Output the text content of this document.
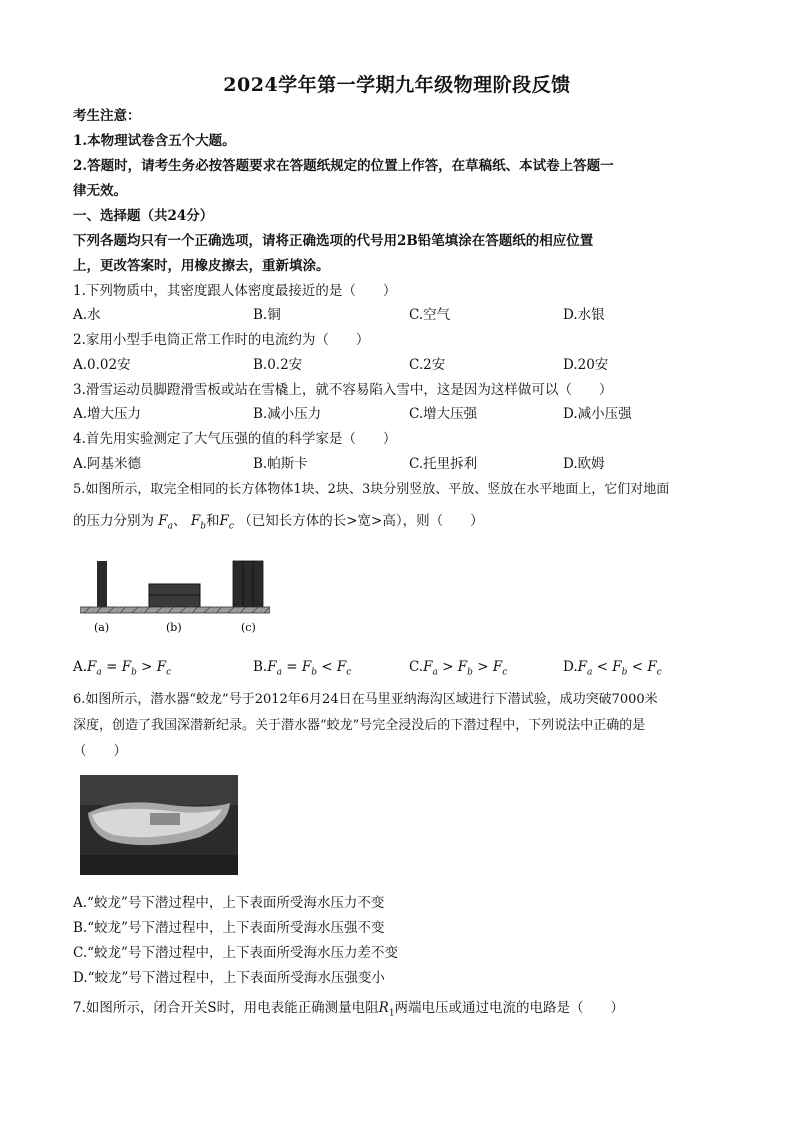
2024学年第一学期九年级物理阶段反馈
考生注意：
1.本物理试卷含五个大题。
2.答题时，请考生务必按答题要求在答题纸规定的位置上作答，在草稿纸、本试卷上答题一
律无效。
一、选择题（共24分）
下列各题均只有一个正确选项，请将正确选项的代号用2B铅笔填涂在答题纸的相应位置
上，更改答案时，用橡皮擦去，重新填涂。
1.下列物质中，其密度跟人体密度最接近的是（　　）
A.水	B.铜	C.空气	D.水银
2.家用小型手电筒正常工作时的电流约为（　　）
A.0.02安	B.0.2安	C.2安	D.20安
3.滑雪运动员脚蹬滑雪板或站在雪橇上，就不容易陷入雪中，这是因为这样做可以（　　）
A.增大压力	B.减小压力	C.增大压强	D.减小压强
4.首先用实验测定了大气压强的值的科学家是（　　）
A.阿基米德	B.帕斯卡	C.托里拆利	D.欧姆
5.如图所示，取完全相同的长方体物体1块、2块、3块分别竖放、平放、竖放在水平地面上，它们对地面
的压力分别为 $F_a$、 $F_b$和$F_c$ （已知长方体的长>宽>高），则（　　）
(a)	(b)	(c)
$A.F_a = F_b > F_c$	$B.F_a = F_b < F_c$	$C.F_a > F_b > F_c$	$D.F_a < F_b < F_c$
6.如图所示，潜水器“蛟龙”号于2012年6月24日在马里亚纳海沟区域进行下潜试验，成功突破7000米
深度，创造了我国深潜新纪录。关于潜水器“蛟龙”号完全浸没后的下潜过程中，下列说法中正确的是
（　　）
A.“蛟龙”号下潜过程中，上下表面所受海水压力不变
B.“蛟龙”号下潜过程中，上下表面所受海水压强不变
C.“蛟龙”号下潜过程中，上下表面所受海水压力差不变
D.“蛟龙”号下潜过程中，上下表面所受海水压强变小
7.如图所示，闭合开关S时，用电表能正确测量电阻$R_1$两端电压或通过电流的电路是（　　）
